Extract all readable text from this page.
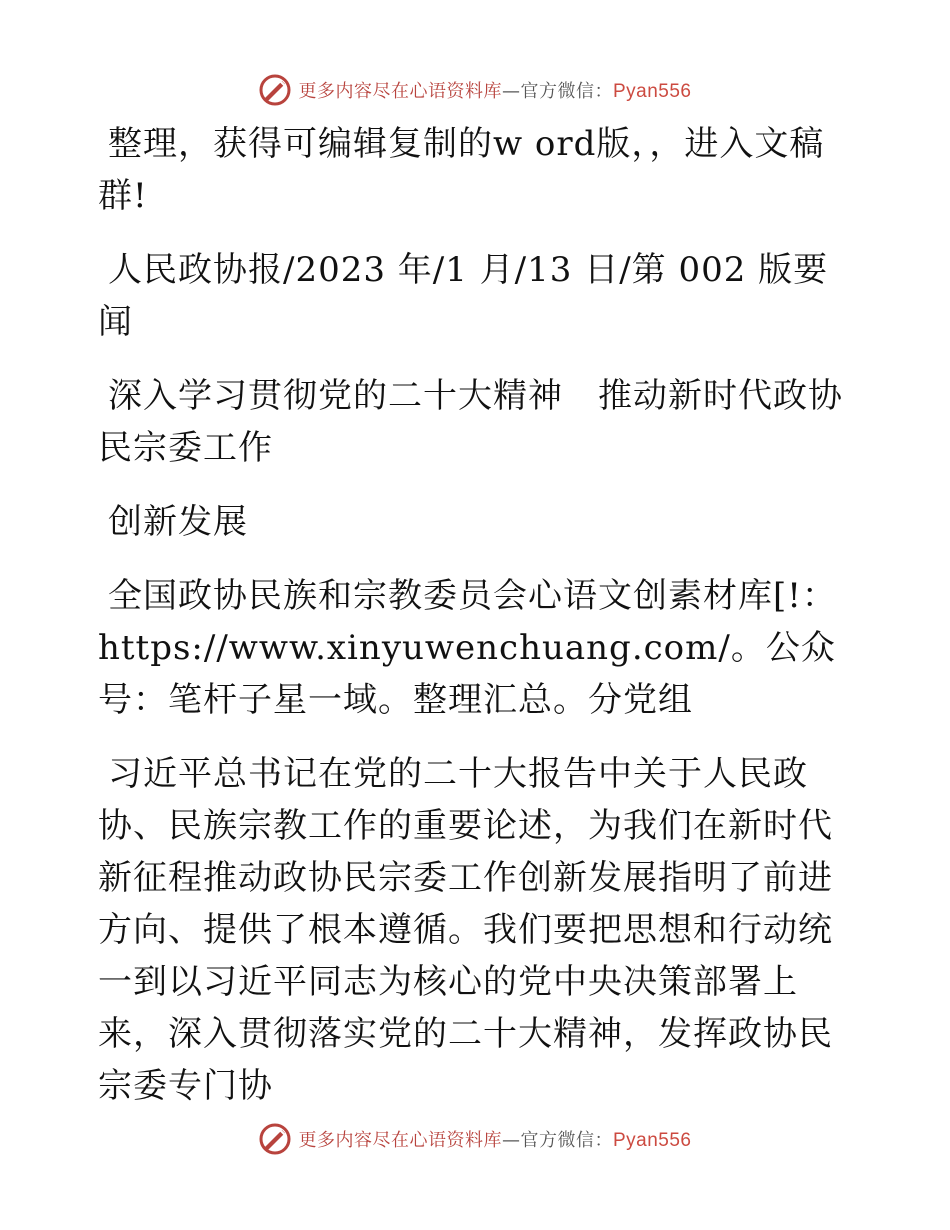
更多内容尽在心语资料库—官方微信：Pyan556

整理，获得可编辑复制的w ord版，，进入文稿群!

人民政协报/2023 年/1 月/13 日/第 002 版要闻

深入学习贯彻党的二十大精神　推动新时代政协民宗委工作

创新发展

全国政协民族和宗教委员会心语文创素材库[!：https://www.xinyuwenchuang.com/。公众号：笔杆子星一域。整理汇总。分党组

习近平总书记在党的二十大报告中关于人民政协、民族宗教工作的重要论述，为我们在新时代新征程推动政协民宗委工作创新发展指明了前进方向、提供了根本遵循。我们要把思想和行动统一到以习近平同志为核心的党中央决策部署上来，深入贯彻落实党的二十大精神，发挥政协民宗委专门协

更多内容尽在心语资料库—官方微信：Pyan556
